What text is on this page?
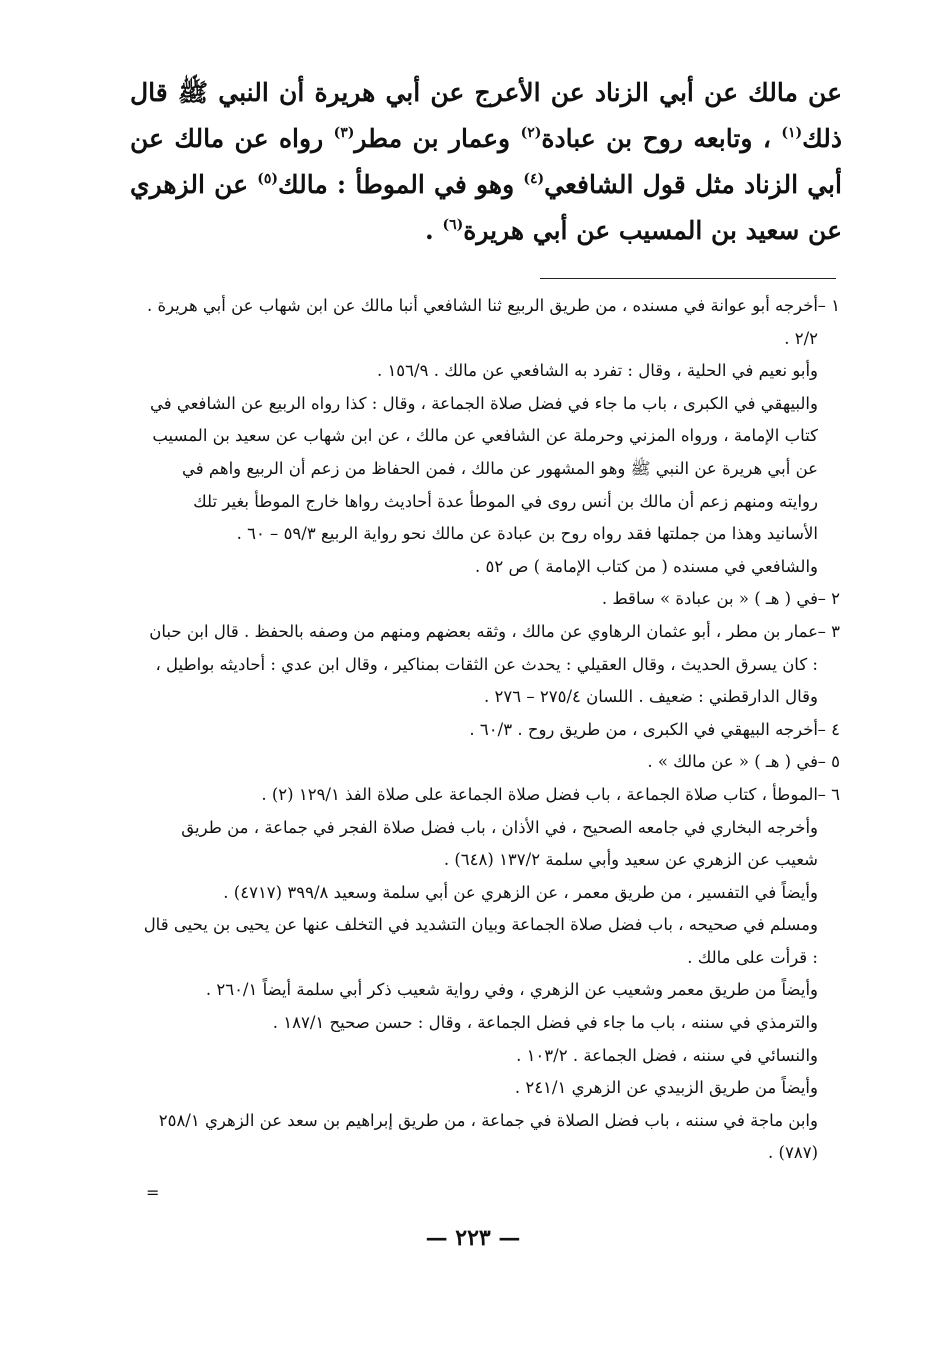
عن مالك عن أبي الزناد عن الأعرج عن أبي هريرة أن النبي ﷺ قال ذلك$^{(١)}$ ، وتابعه روح بن عبادة$^{(٢)}$ وعمار بن مطر$^{(٣)}$ رواه عن مالك عن أبي الزناد مثل قول الشافعي$^{(٤)}$ وهو في الموطأ : مالك$^{(٥)}$ عن الزهري عن سعيد بن المسيب عن أبي هريرة$^{(٦)}$ .

١ –
أخرجه أبو عوانة في مسنده ، من طريق الربيع ثنا الشافعي أنبا مالك عن ابن شهاب عن أبي هريرة . ٢/٢ .
وأبو نعيم في الحلية ، وقال : تفرد به الشافعي عن مالك . ١٥٦/٩ .
والبيهقي في الكبرى ، باب ما جاء في فضل صلاة الجماعة ، وقال : كذا رواه الربيع عن الشافعي في كتاب الإمامة ، ورواه المزني وحرملة عن الشافعي عن مالك ، عن ابن شهاب عن سعيد بن المسيب عن أبي هريرة عن النبي ﷺ وهو المشهور عن مالك ، فمن الحفاظ من زعم أن الربيع واهم في روايته ومنهم زعم أن مالك بن أنس روى في الموطأ عدة أحاديث رواها خارج الموطأ بغير تلك الأسانيد وهذا من جملتها فقد رواه روح بن عبادة عن مالك نحو رواية الربيع ٥٩/٣ – ٦٠ .
والشافعي في مسنده ( من كتاب الإمامة ) ص ٥٢ .
٢ –
في ( هـ ) « بن عبادة » ساقط .
٣ –
عمار بن مطر ، أبو عثمان الرهاوي عن مالك ، وثقه بعضهم ومنهم من وصفه بالحفظ . قال ابن حبان : كان يسرق الحديث ، وقال العقيلي : يحدث عن الثقات بمناكير ، وقال ابن عدي : أحاديثه بواطيل ، وقال الدارقطني : ضعيف . اللسان ٢٧٥/٤ – ٢٧٦ .
٤ –
أخرجه البيهقي في الكبرى ، من طريق روح . ٦٠/٣ .
٥ –
في ( هـ ) « عن مالك » .
٦ –
الموطأ ، كتاب صلاة الجماعة ، باب فضل صلاة الجماعة على صلاة الفذ ١٢٩/١ (٢) .
وأخرجه البخاري في جامعه الصحيح ، في الأذان ، باب فضل صلاة الفجر في جماعة ، من طريق شعيب عن الزهري عن سعيد وأبي سلمة ١٣٧/٢ (٦٤٨) .
وأيضاً في التفسير ، من طريق معمر ، عن الزهري عن أبي سلمة وسعيد ٣٩٩/٨ (٤٧١٧) .
ومسلم في صحيحه ، باب فضل صلاة الجماعة وبيان التشديد في التخلف عنها عن يحيى بن يحيى قال : قرأت على مالك .
وأيضاً من طريق معمر وشعيب عن الزهري ، وفي رواية شعيب ذكر أبي سلمة أيضاً ٢٦٠/١ .
والترمذي في سننه ، باب ما جاء في فضل الجماعة ، وقال : حسن صحيح ١٨٧/١ .
والنسائي في سننه ، فضل الجماعة . ١٠٣/٢ .
وأيضاً من طريق الزبيدي عن الزهري ٢٤١/١ .
وابن ماجة في سننه ، باب فضل الصلاة في جماعة ، من طريق إبراهيم بن سعد عن الزهري ٢٥٨/١ (٧٨٧) .
=
— ٢٢٣ —
